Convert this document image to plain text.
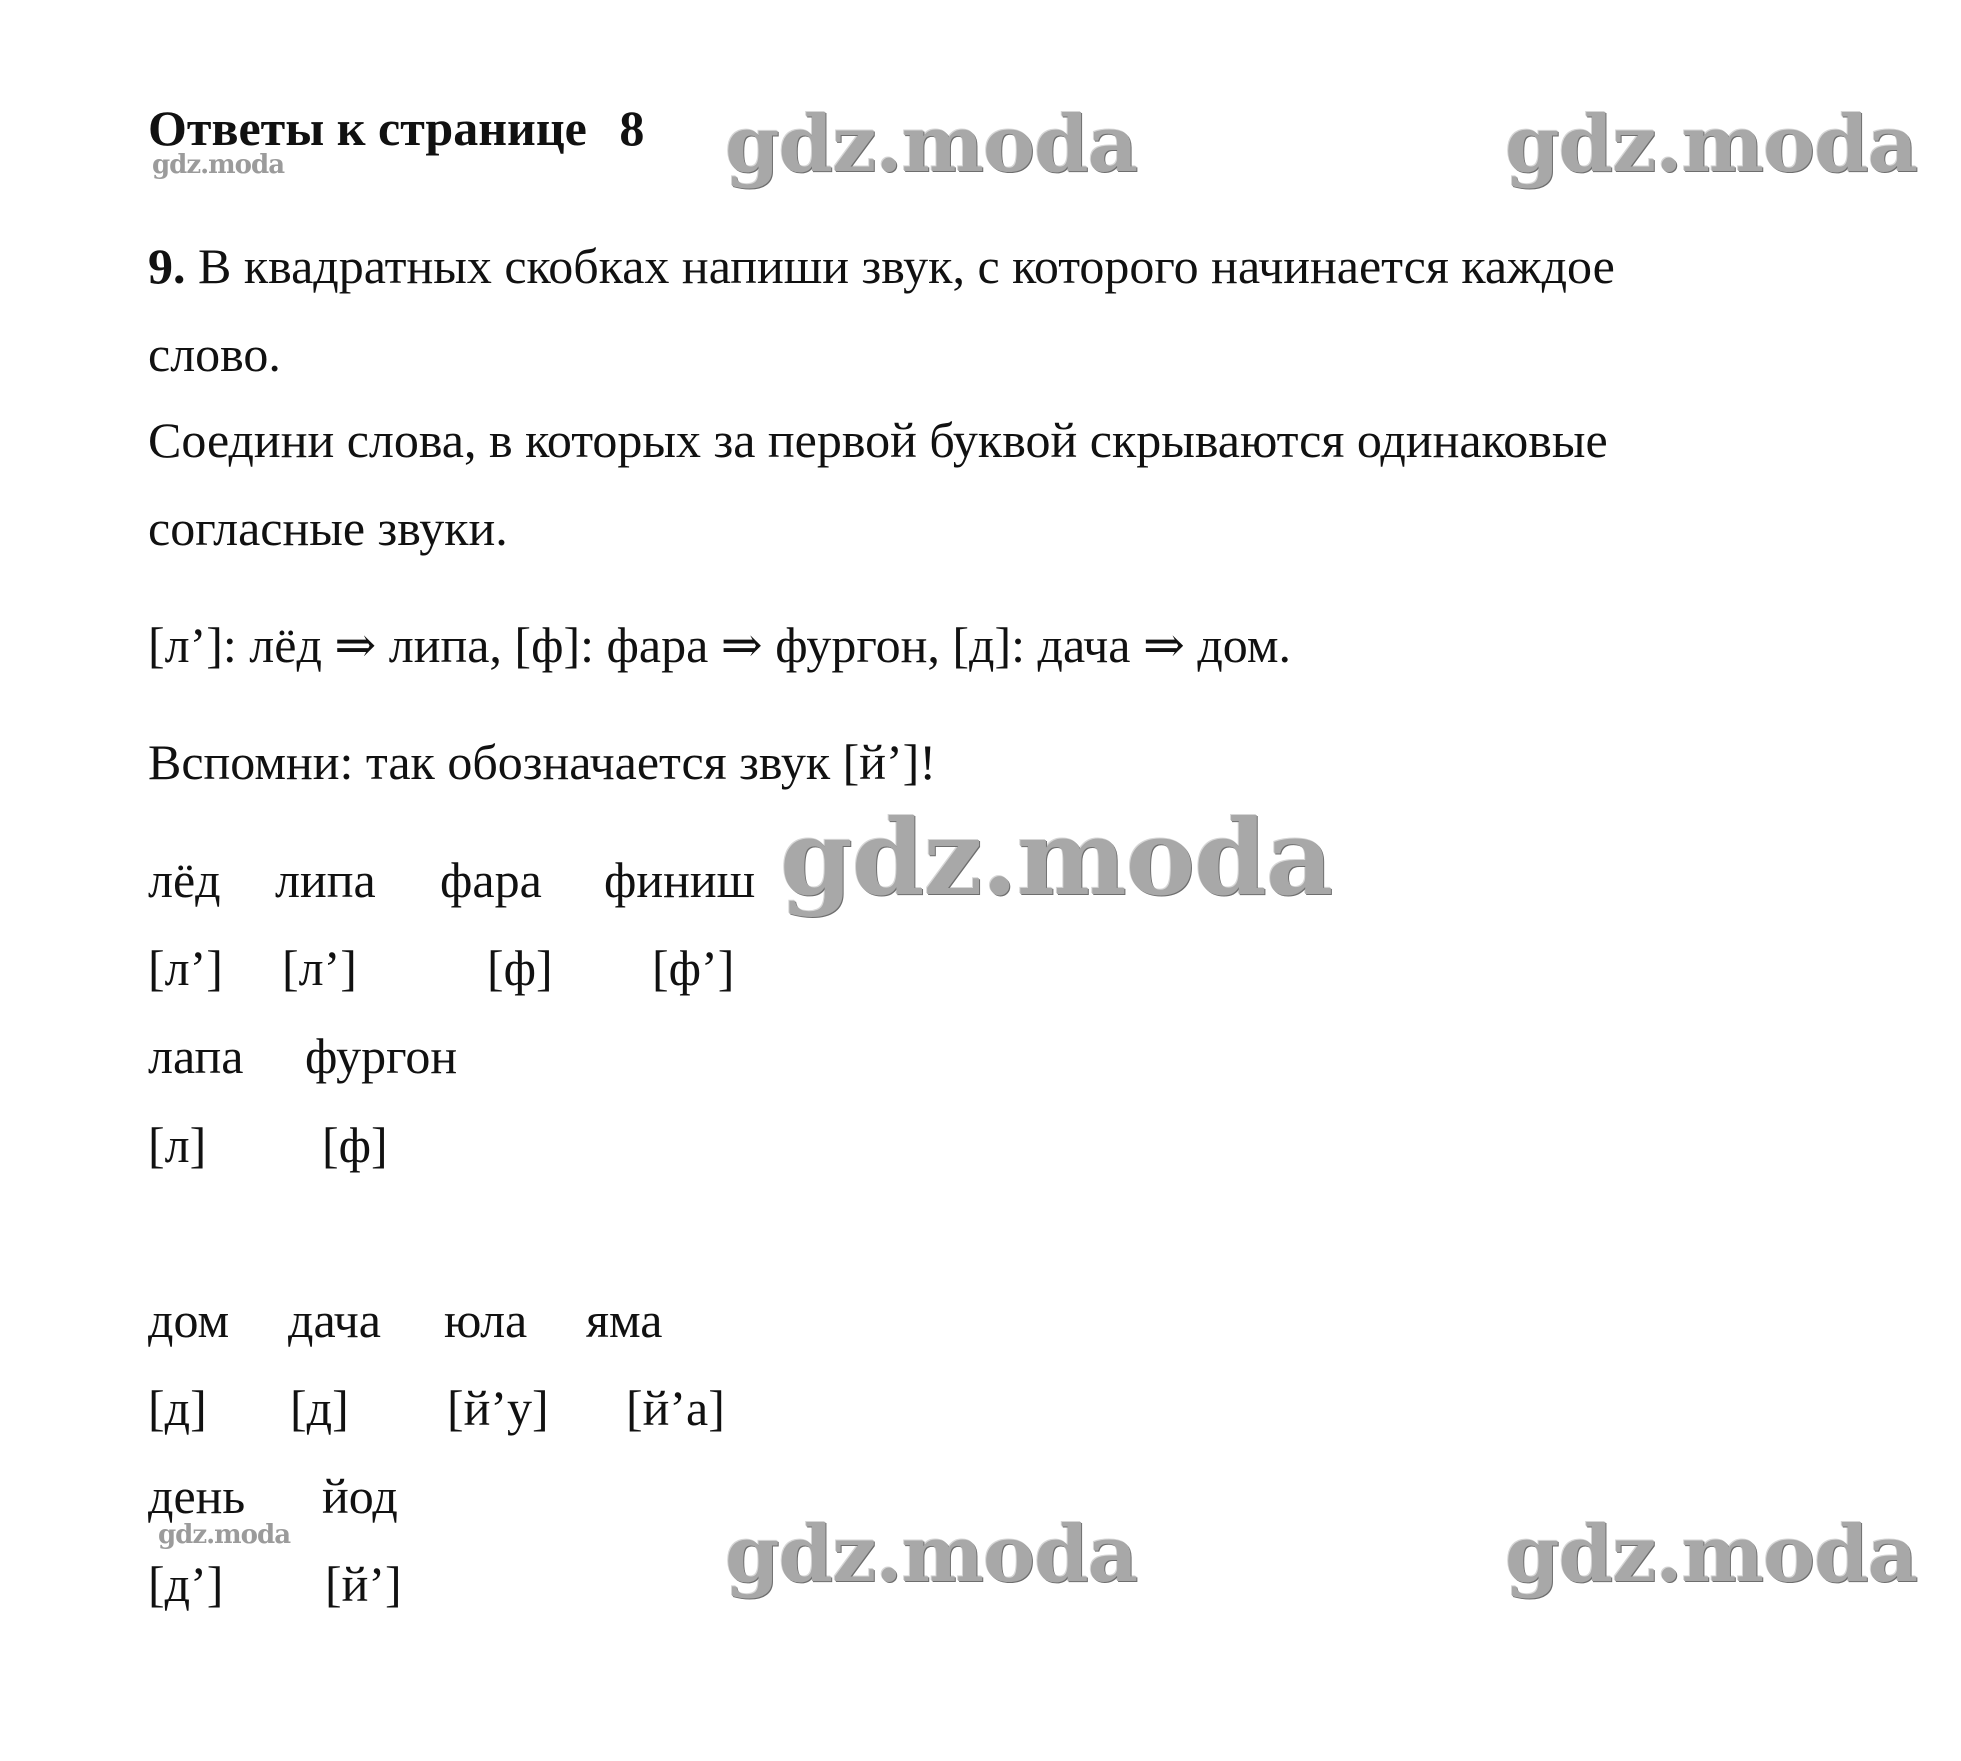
Ответы к странице 8
9. В квадратных скобках напиши звук, с которого начинается каждое
слово.
Соедини слова, в которых за первой буквой скрываются одинаковые
согласные звуки.
[л’]: лёд ⇒ липа, [ф]: фара ⇒ фургон, [д]: дача ⇒ дом.
Вспомни: так обозначается звук [й’]!
лёд липа фара финиш
[л’] [л’]	[ф] [ф’]
лапа фургон
[л] [ф]
дом дача юла яма
[д] [д] [й’у] [й’а]
день йод
[д’] [й’]
gdz.moda	gdz.moda
gdz.moda
gdz.moda
gdz.moda	gdz.moda	gdz.moda
